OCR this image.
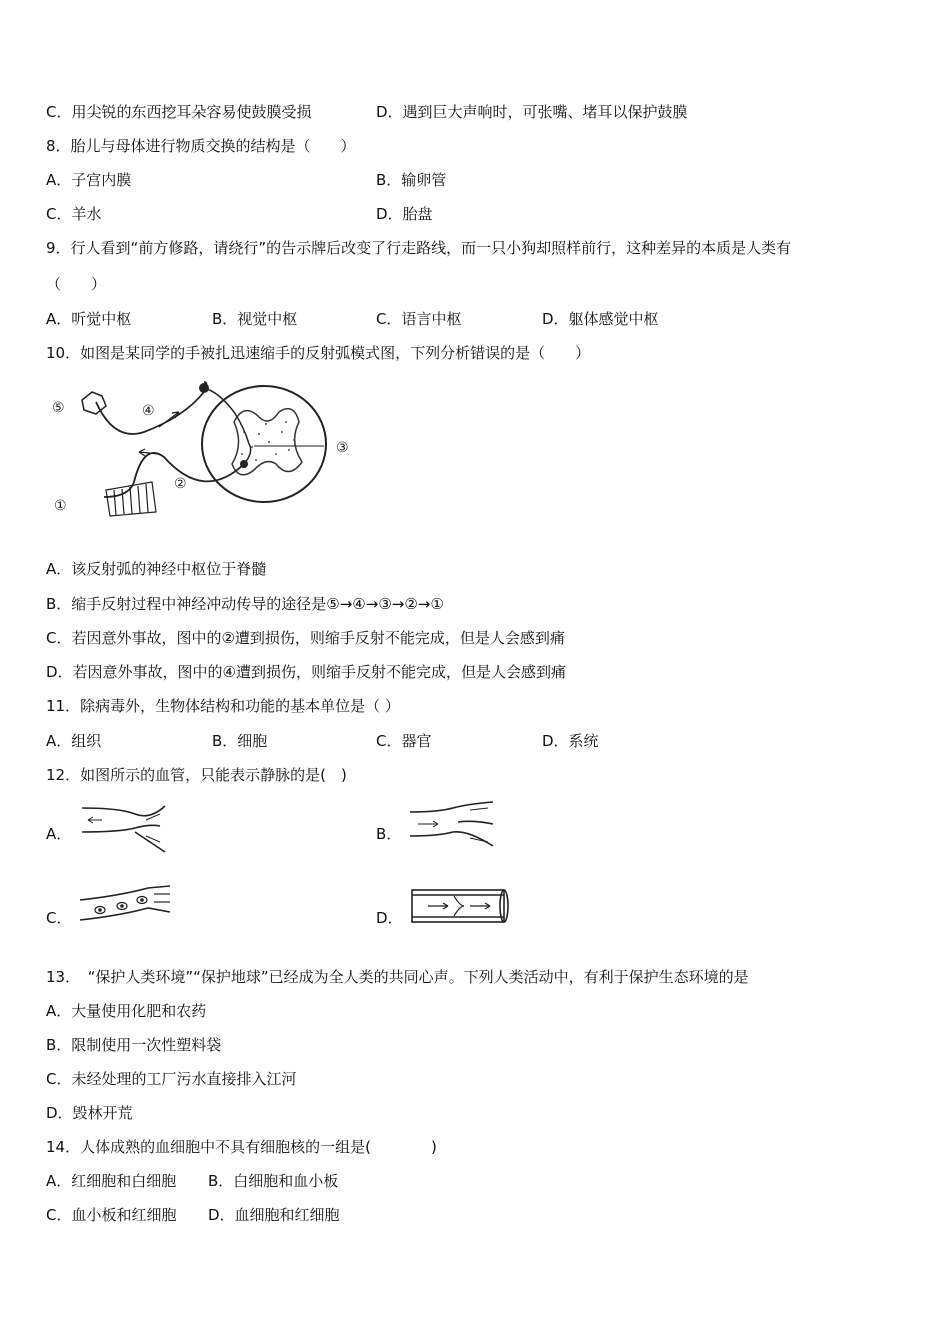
C．用尖锐的东西挖耳朵容易使鼓膜受损	D．遇到巨大声响时，可张嘴、堵耳以保护鼓膜
8．胎儿与母体进行物质交换的结构是（　　）
A．子宫内膜	B．输卵管
C．羊水	D．胎盘
9．行人看到“前方修路，请绕行”的告示牌后改变了行走路线，而一只小狗却照样前行，这种差异的本质是人类有
（　　）
A．听觉中枢	B．视觉中枢	C．语言中枢	D．躯体感觉中枢
10．如图是某同学的手被扎迅速缩手的反射弧模式图，下列分析错误的是（　　）
⑤	④
③
②
①
A．该反射弧的神经中枢位于脊髓
B．缩手反射过程中神经冲动传导的途径是⑤→④→③→②→①
C．若因意外事故，图中的②遭到损伤，则缩手反射不能完成，但是人会感到痛
D．若因意外事故，图中的④遭到损伤，则缩手反射不能完成，但是人会感到痛
11．除病毒外，生物体结构和功能的基本单位是（ ）
A．组织	B．细胞	C．器官	D．系统
12．如图所示的血管，只能表示静脉的是(　)
A．	B．
C．	D．
13．　“保护人类环境”“保护地球”已经成为全人类的共同心声。下列人类活动中，有利于保护生态环境的是
A．大量使用化肥和农药
B．限制使用一次性塑料袋
C．未经处理的工厂污水直接排入江河
D．毁林开荒
14．人体成熟的血细胞中不具有细胞核的一组是(　　　　)
A．红细胞和白细胞 B．白细胞和血小板
C．血小板和红细胞 D．血细胞和红细胞
